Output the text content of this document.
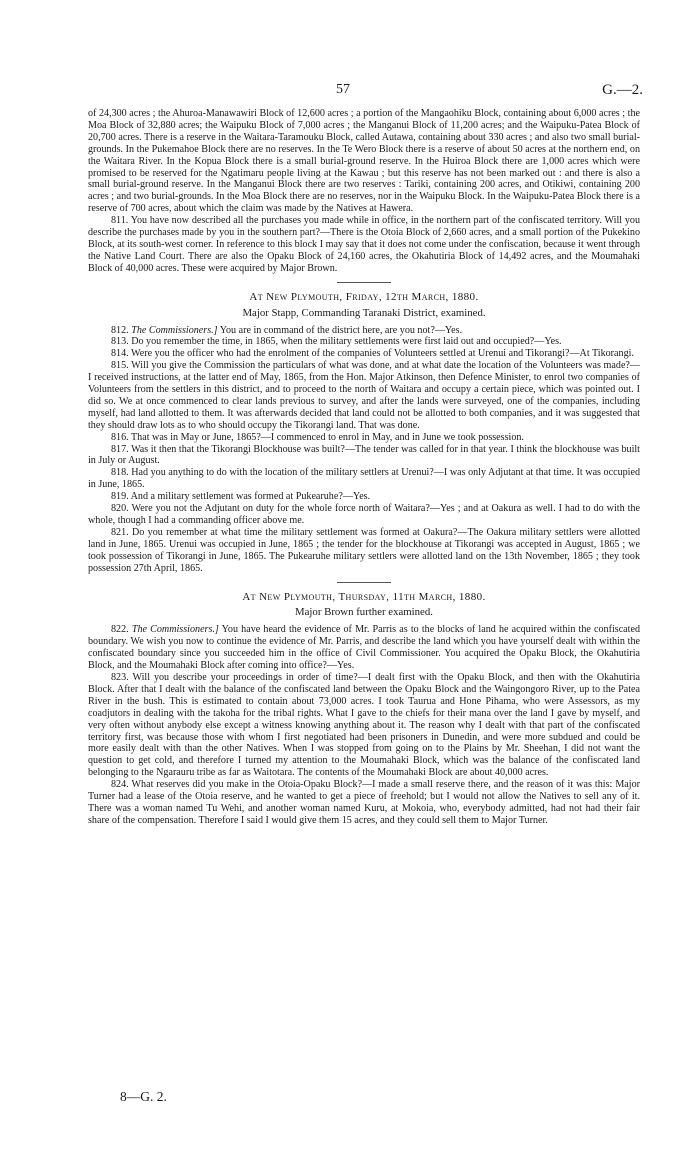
57	G.—2.

of 24,300 acres ; the Ahuroa-Manawawiri Block of 12,600 acres ; a portion of the Mangaohiku Block, containing about 6,000 acres ; the Moa Block of 32,880 acres; the Waipuku Block of 7,000 acres ; the Manganui Block of 11,200 acres; and the Waipuku-Patea Block of 20,700 acres. There is a reserve in the Waitara-Taramouku Block, called Autawa, containing about 330 acres ; and also two small burial-grounds. In the Pukemahoe Block there are no reserves. In the Te Wero Block there is a reserve of about 50 acres at the northern end, on the Waitara River. In the Kopua Block there is a small burial-ground reserve. In the Huiroa Block there are 1,000 acres which were promised to be reserved for the Ngatimaru people living at the Kawau ; but this reserve has not been marked out : and there is also a small burial-ground reserve. In the Manganui Block there are two reserves : Tariki, containing 200 acres, and Otikiwi, containing 200 acres ; and two burial-grounds. In the Moa Block there are no reserves, nor in the Waipuku Block. In the Waipuku-Patea Block there is a reserve of 700 acres, about which the claim was made by the Natives at Hawera.

811. You have now described all the purchases you made while in office, in the northern part of the confiscated territory. Will you describe the purchases made by you in the southern part?—There is the Otoia Block of 2,660 acres, and a small portion of the Pukekino Block, at its south-west corner. In reference to this block I may say that it does not come under the confiscation, because it went through the Native Land Court. There are also the Opaku Block of 24,160 acres, the Okahutiria Block of 14,492 acres, and the Moumahaki Block of 40,000 acres. These were acquired by Major Brown.

At New Plymouth, Friday, 12th March, 1880.
Major Stapp, Commanding Taranaki District, examined.

812. The Commissioners.] You are in command of the district here, are you not?—Yes.

813. Do you remember the time, in 1865, when the military settlements were first laid out and occupied?—Yes.

814. Were you the officer who had the enrolment of the companies of Volunteers settled at Urenui and Tikorangi?—At Tikorangi.

815. Will you give the Commission the particulars of what was done, and at what date the location of the Volunteers was made?—I received instructions, at the latter end of May, 1865, from the Hon. Major Atkinson, then Defence Minister, to enrol two companies of Volunteers from the settlers in this district, and to proceed to the north of Waitara and occupy a certain piece, which was pointed out. I did so. We at once commenced to clear lands previous to survey, and after the lands were surveyed, one of the companies, including myself, had land allotted to them. It was afterwards decided that land could not be allotted to both companies, and it was suggested that they should draw lots as to who should occupy the Tikorangi land. That was done.

816. That was in May or June, 1865?—I commenced to enrol in May, and in June we took possession.

817. Was it then that the Tikorangi Blockhouse was built?—The tender was called for in that year. I think the blockhouse was built in July or August.

818. Had you anything to do with the location of the military settlers at Urenui?—I was only Adjutant at that time. It was occupied in June, 1865.

819. And a military settlement was formed at Pukearuhe?—Yes.

820. Were you not the Adjutant on duty for the whole force north of Waitara?—Yes ; and at Oakura as well. I had to do with the whole, though I had a commanding officer above me.

821. Do you remember at what time the military settlement was formed at Oakura?—The Oakura military settlers were allotted land in June, 1865. Urenui was occupied in June, 1865 ; the tender for the blockhouse at Tikorangi was accepted in August, 1865 ; we took possession of Tikorangi in June, 1865. The Pukearuhe military settlers were allotted land on the 13th November, 1865 ; they took possession 27th April, 1865.

At New Plymouth, Thursday, 11th March, 1880.
Major Brown further examined.

822. The Commissioners.] You have heard the evidence of Mr. Parris as to the blocks of land he acquired within the confiscated boundary. We wish you now to continue the evidence of Mr. Parris, and describe the land which you have yourself dealt with within the confiscated boundary since you succeeded him in the office of Civil Commissioner. You acquired the Opaku Block, the Okahutiria Block, and the Moumahaki Block after coming into office?—Yes.

823. Will you describe your proceedings in order of time?—I dealt first with the Opaku Block, and then with the Okahutiria Block. After that I dealt with the balance of the confiscated land between the Opaku Block and the Waingongoro River, up to the Patea River in the bush. This is estimated to contain about 73,000 acres. I took Taurua and Hone Pihama, who were Assessors, as my coadjutors in dealing with the takoha for the tribal rights. What I gave to the chiefs for their mana over the land I gave by myself, and very often without anybody else except a witness knowing anything about it. The reason why I dealt with that part of the confiscated territory first, was because those with whom I first negotiated had been prisoners in Dunedin, and were more subdued and could be more easily dealt with than the other Natives. When I was stopped from going on to the Plains by Mr. Sheehan, I did not want the question to get cold, and therefore I turned my attention to the Moumahaki Block, which was the balance of the confiscated land belonging to the Ngarauru tribe as far as Waitotara. The contents of the Moumahaki Block are about 40,000 acres.

824. What reserves did you make in the Otoia-Opaku Block?—I made a small reserve there, and the reason of it was this: Major Turner had a lease of the Otoia reserve, and he wanted to get a piece of freehold; but I would not allow the Natives to sell any of it. There was a woman named Tu Wehi, and another woman named Kuru, at Mokoia, who, everybody admitted, had not had their fair share of the compensation. Therefore I said I would give them 15 acres, and they could sell them to Major Turner.

8—G. 2.
